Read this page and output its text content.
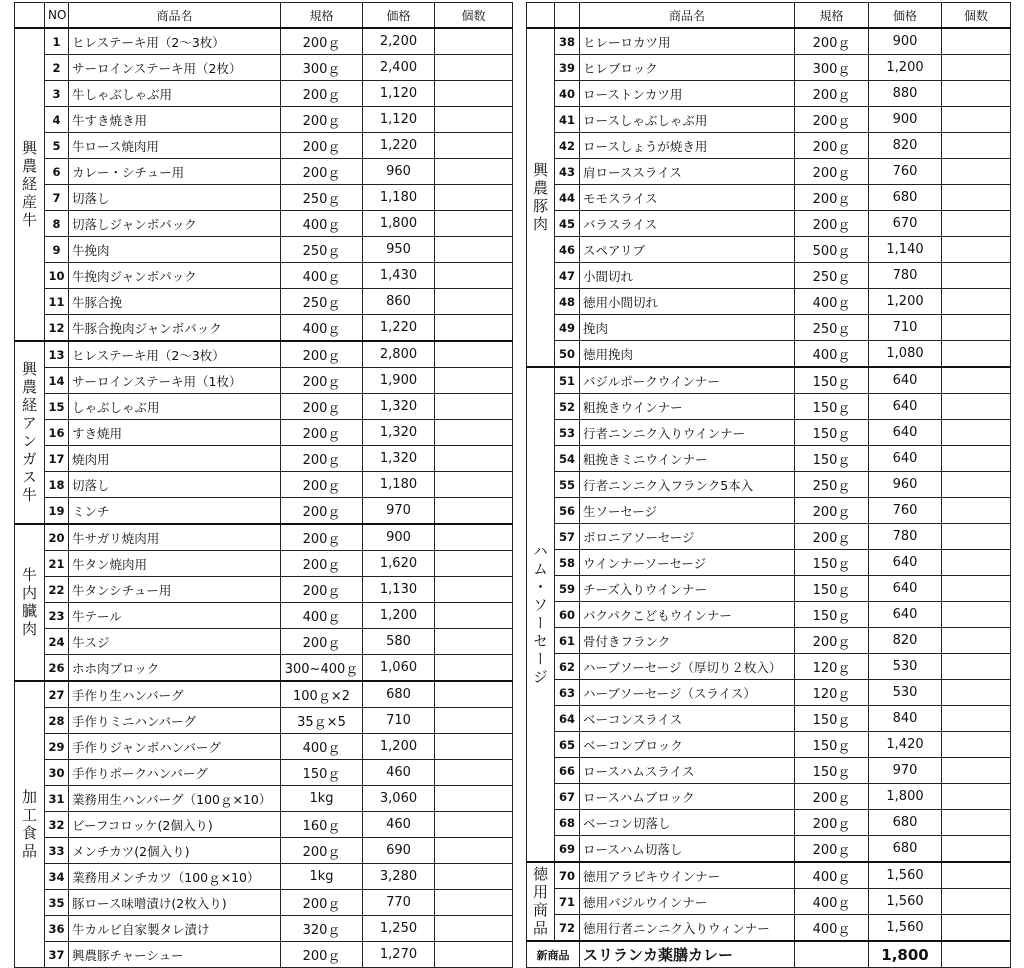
	NO	商品名	規格	価格	個数
興農経産牛	1	ヒレステーキ用（2〜3枚）	200ｇ	2,200	
	2	サーロインステーキ用（2枚）	300ｇ	2,400	
	3	牛しゃぶしゃぶ用	200ｇ	1,120	
	4	牛すき焼き用	200ｇ	1,120	
	5	牛ロース焼肉用	200ｇ	1,220	
	6	カレー・シチュー用	200ｇ	960	
	7	切落し	250ｇ	1,180	
	8	切落しジャンボパック	400ｇ	1,800	
	9	牛挽肉	250ｇ	950	
	10	牛挽肉ジャンボパック	400ｇ	1,430	
	11	牛豚合挽	250ｇ	860	
	12	牛豚合挽肉ジャンボパック	400ｇ	1,220	
興農経アンガス牛	13	ヒレステーキ用（2〜3枚）	200ｇ	2,800	
	14	サーロインステーキ用（1枚）	200ｇ	1,900	
	15	しゃぶしゃぶ用	200ｇ	1,320	
	16	すき焼用	200ｇ	1,320	
	17	焼肉用	200ｇ	1,320	
	18	切落し	200ｇ	1,180	
	19	ミンチ	200ｇ	970	
牛内臓肉	20	牛サガリ焼肉用	200ｇ	900	
	21	牛タン焼肉用	200ｇ	1,620	
	22	牛タンシチュー用	200ｇ	1,130	
	23	牛テール	400ｇ	1,200	
	24	牛スジ	200ｇ	580	
	26	ホホ肉ブロック	300~400ｇ	1,060	
加工食品	27	手作り生ハンバーグ	100ｇ×2	680	
	28	手作りミニハンバーグ	35ｇ×5	710	
	29	手作りジャンボハンバーグ	400ｇ	1,200	
	30	手作りポークハンバーグ	150ｇ	460	
	31	業務用生ハンバーグ（100ｇ×10）	1kg	3,060	
	32	ビーフコロッケ(2個入り)	160ｇ	460	
	33	メンチカツ(2個入り)	200ｇ	690	
	34	業務用メンチカツ（100ｇ×10）	1kg	3,280	
	35	豚ロース味噌漬け(2枚入り)	200ｇ	770	
	36	牛カルビ自家製タレ漬け	320ｇ	1,250	
	37	興農豚チャーシュー	200ｇ	1,270	
		商品名	規格	価格	個数
興農豚肉	38	ヒレーロカツ用	200ｇ	900	
	39	ヒレブロック	300ｇ	1,200	
	40	ローストンカツ用	200ｇ	880	
	41	ロースしゃぶしゃぶ用	200ｇ	900	
	42	ロースしょうが焼き用	200ｇ	820	
	43	肩ローススライス	200ｇ	760	
	44	モモスライス	200ｇ	680	
	45	バラスライス	200ｇ	670	
	46	スペアリブ	500ｇ	1,140	
	47	小間切れ	250ｇ	780	
	48	徳用小間切れ	400ｇ	1,200	
	49	挽肉	250ｇ	710	
	50	徳用挽肉	400ｇ	1,080	
ハム・ソーセージ	51	バジルポークウインナー	150ｇ	640	
	52	粗挽きウインナー	150ｇ	640	
	53	行者ニンニク入りウインナー	150ｇ	640	
	54	粗挽きミニウインナー	150ｇ	640	
	55	行者ニンニク入フランク5本入	250ｇ	960	
	56	生ソーセージ	200ｇ	760	
	57	ボロニアソーセージ	200ｇ	780	
	58	ウインナーソーセージ	150ｇ	640	
	59	チーズ入りウインナー	150ｇ	640	
	60	パクパクこどもウインナー	150ｇ	640	
	61	骨付きフランク	200ｇ	820	
	62	ハーブソーセージ（厚切り２枚入）	120ｇ	530	
	63	ハーブソーセージ（スライス）	120ｇ	530	
	64	ベーコンスライス	150ｇ	840	
	65	ベーコンブロック	150ｇ	1,420	
	66	ロースハムスライス	150ｇ	970	
	67	ロースハムブロック	200ｇ	1,800	
	68	ベーコン切落し	200ｇ	680	
	69	ロースハム切落し	200ｇ	680	
徳用商品	70	徳用アラビキウインナー	400ｇ	1,560	
	71	徳用バジルウインナー	400ｇ	1,560	
	72	徳用行者ニンニク入りウィンナー	400ｇ	1,560	
新商品		スリランカ薬膳カレー		1,800	
